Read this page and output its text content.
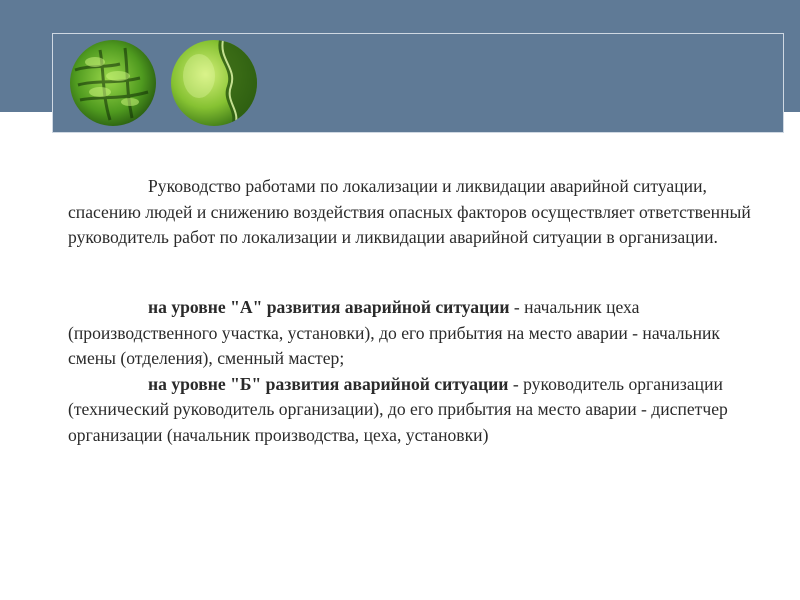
Руководство работами по локализации и ликвидации аварийной ситуации, спасению людей и снижению воздействия опасных факторов осуществляет ответственный руководитель работ по локализации и ликвидации аварийной ситуации в организации.

на уровне "А" развития аварийной ситуации - начальник цеха (производственного участка, установки), до его прибытия на место аварии - начальник смены (отделения), сменный мастер;

на уровне "Б" развития аварийной ситуации - руководитель организации (технический руководитель организации), до его прибытия на место аварии - диспетчер организации (начальник производства, цеха, установки)
